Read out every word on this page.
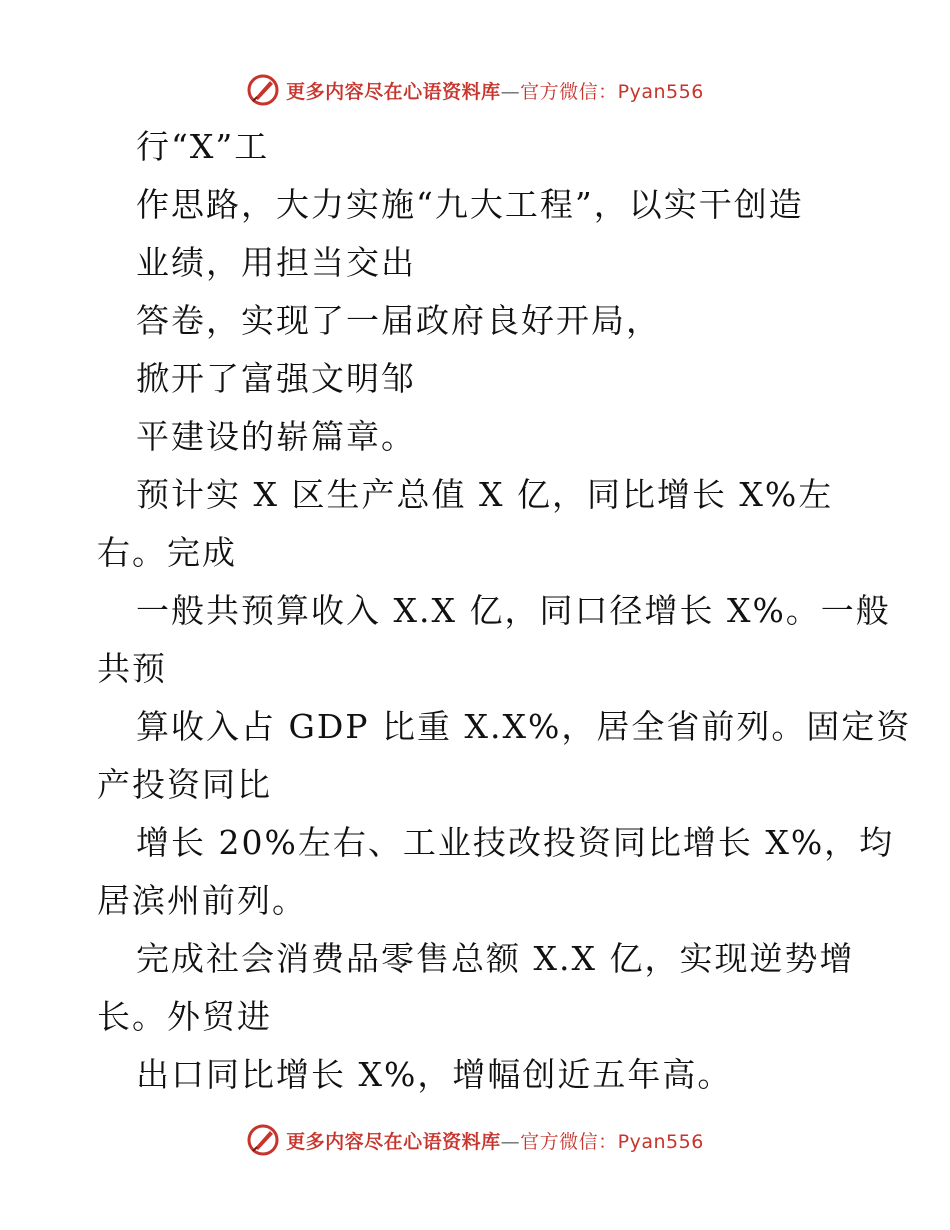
更多内容尽在心语资料库—官方微信：Pyan556
行“X”工
作思路，大力实施“九大工程”，以实干创造
业绩，用担当交出
答卷，实现了一届政府良好开局，
掀开了富强文明邹
平建设的崭篇章。
预计实 X 区生产总值 X 亿，同比增长 X%左
右。完成
一般共预算收入 X.X 亿，同口径增长 X%。一般
共预
算收入占 GDP 比重 X.X%，居全省前列。固定资
产投资同比
增长 20%左右、工业技改投资同比增长 X%，均
居滨州前列。
完成社会消费品零售总额 X.X 亿，实现逆势增
长。外贸进
出口同比增长 X%，增幅创近五年高。
更多内容尽在心语资料库—官方微信：Pyan556
